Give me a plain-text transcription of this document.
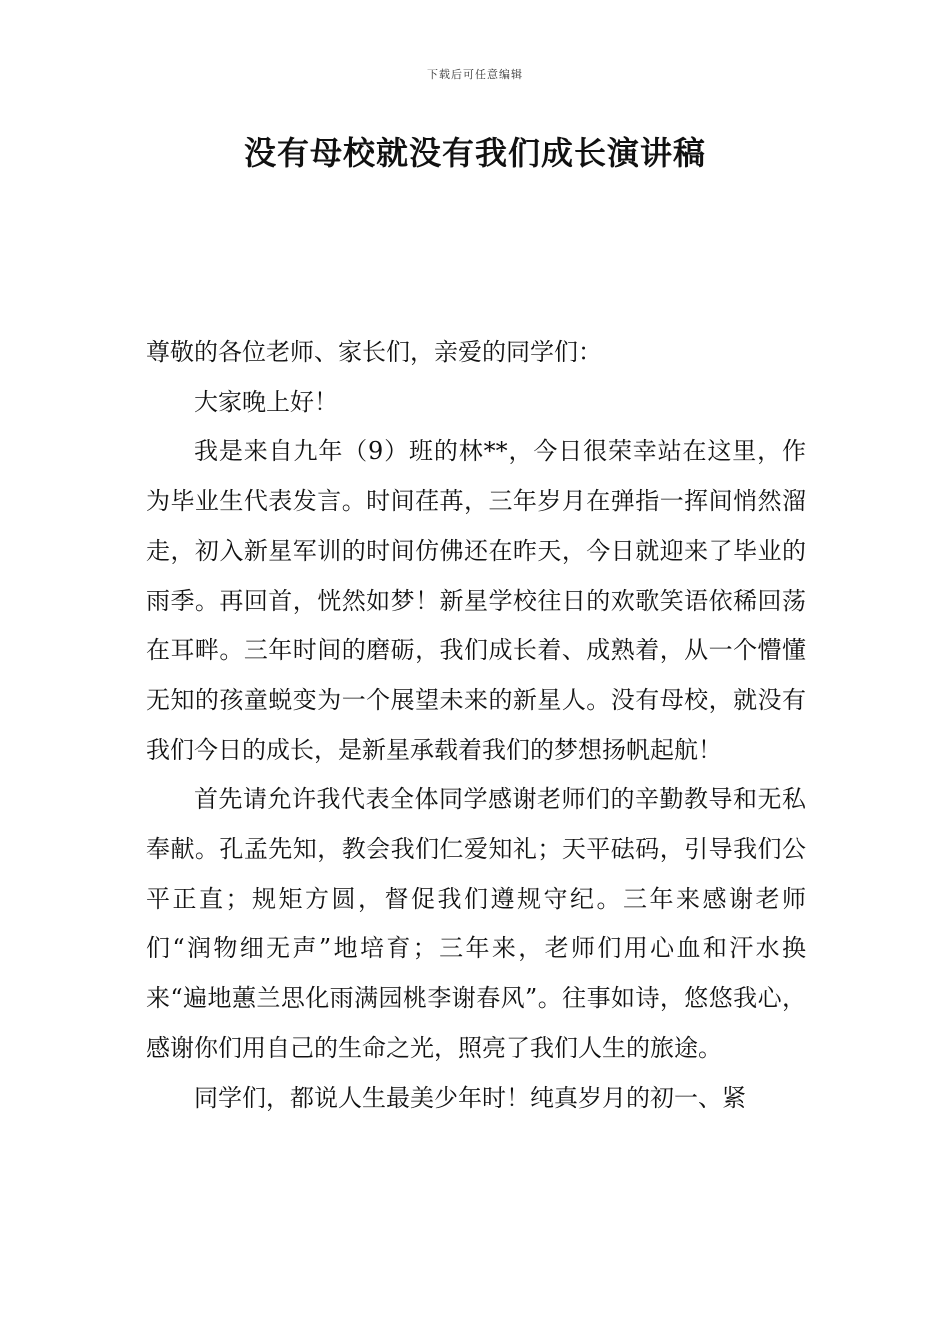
下载后可任意编辑
没有母校就没有我们成长演讲稿

尊敬的各位老师、家长们，亲爱的同学们：

大家晚上好！

我是来自九年（9）班的林**，今日很荣幸站在这里，作为毕业生代表发言。时间荏苒，三年岁月在弹指一挥间悄然溜走，初入新星军训的时间仿佛还在昨天，今日就迎来了毕业的雨季。再回首，恍然如梦！新星学校往日的欢歌笑语依稀回荡在耳畔。三年时间的磨砺，我们成长着、成熟着，从一个懵懂无知的孩童蜕变为一个展望未来的新星人。没有母校，就没有我们今日的成长，是新星承载着我们的梦想扬帆起航！

首先请允许我代表全体同学感谢老师们的辛勤教导和无私奉献。孔孟先知，教会我们仁爱知礼；天平砝码，引导我们公平正直；规矩方圆，督促我们遵规守纪。三年来感谢老师们“润物细无声”地培育；三年来，老师们用心血和汗水换来“遍地蕙兰思化雨满园桃李谢春风”。往事如诗，悠悠我心，感谢你们用自己的生命之光，照亮了我们人生的旅途。

同学们，都说人生最美少年时！纯真岁月的初一、紧
